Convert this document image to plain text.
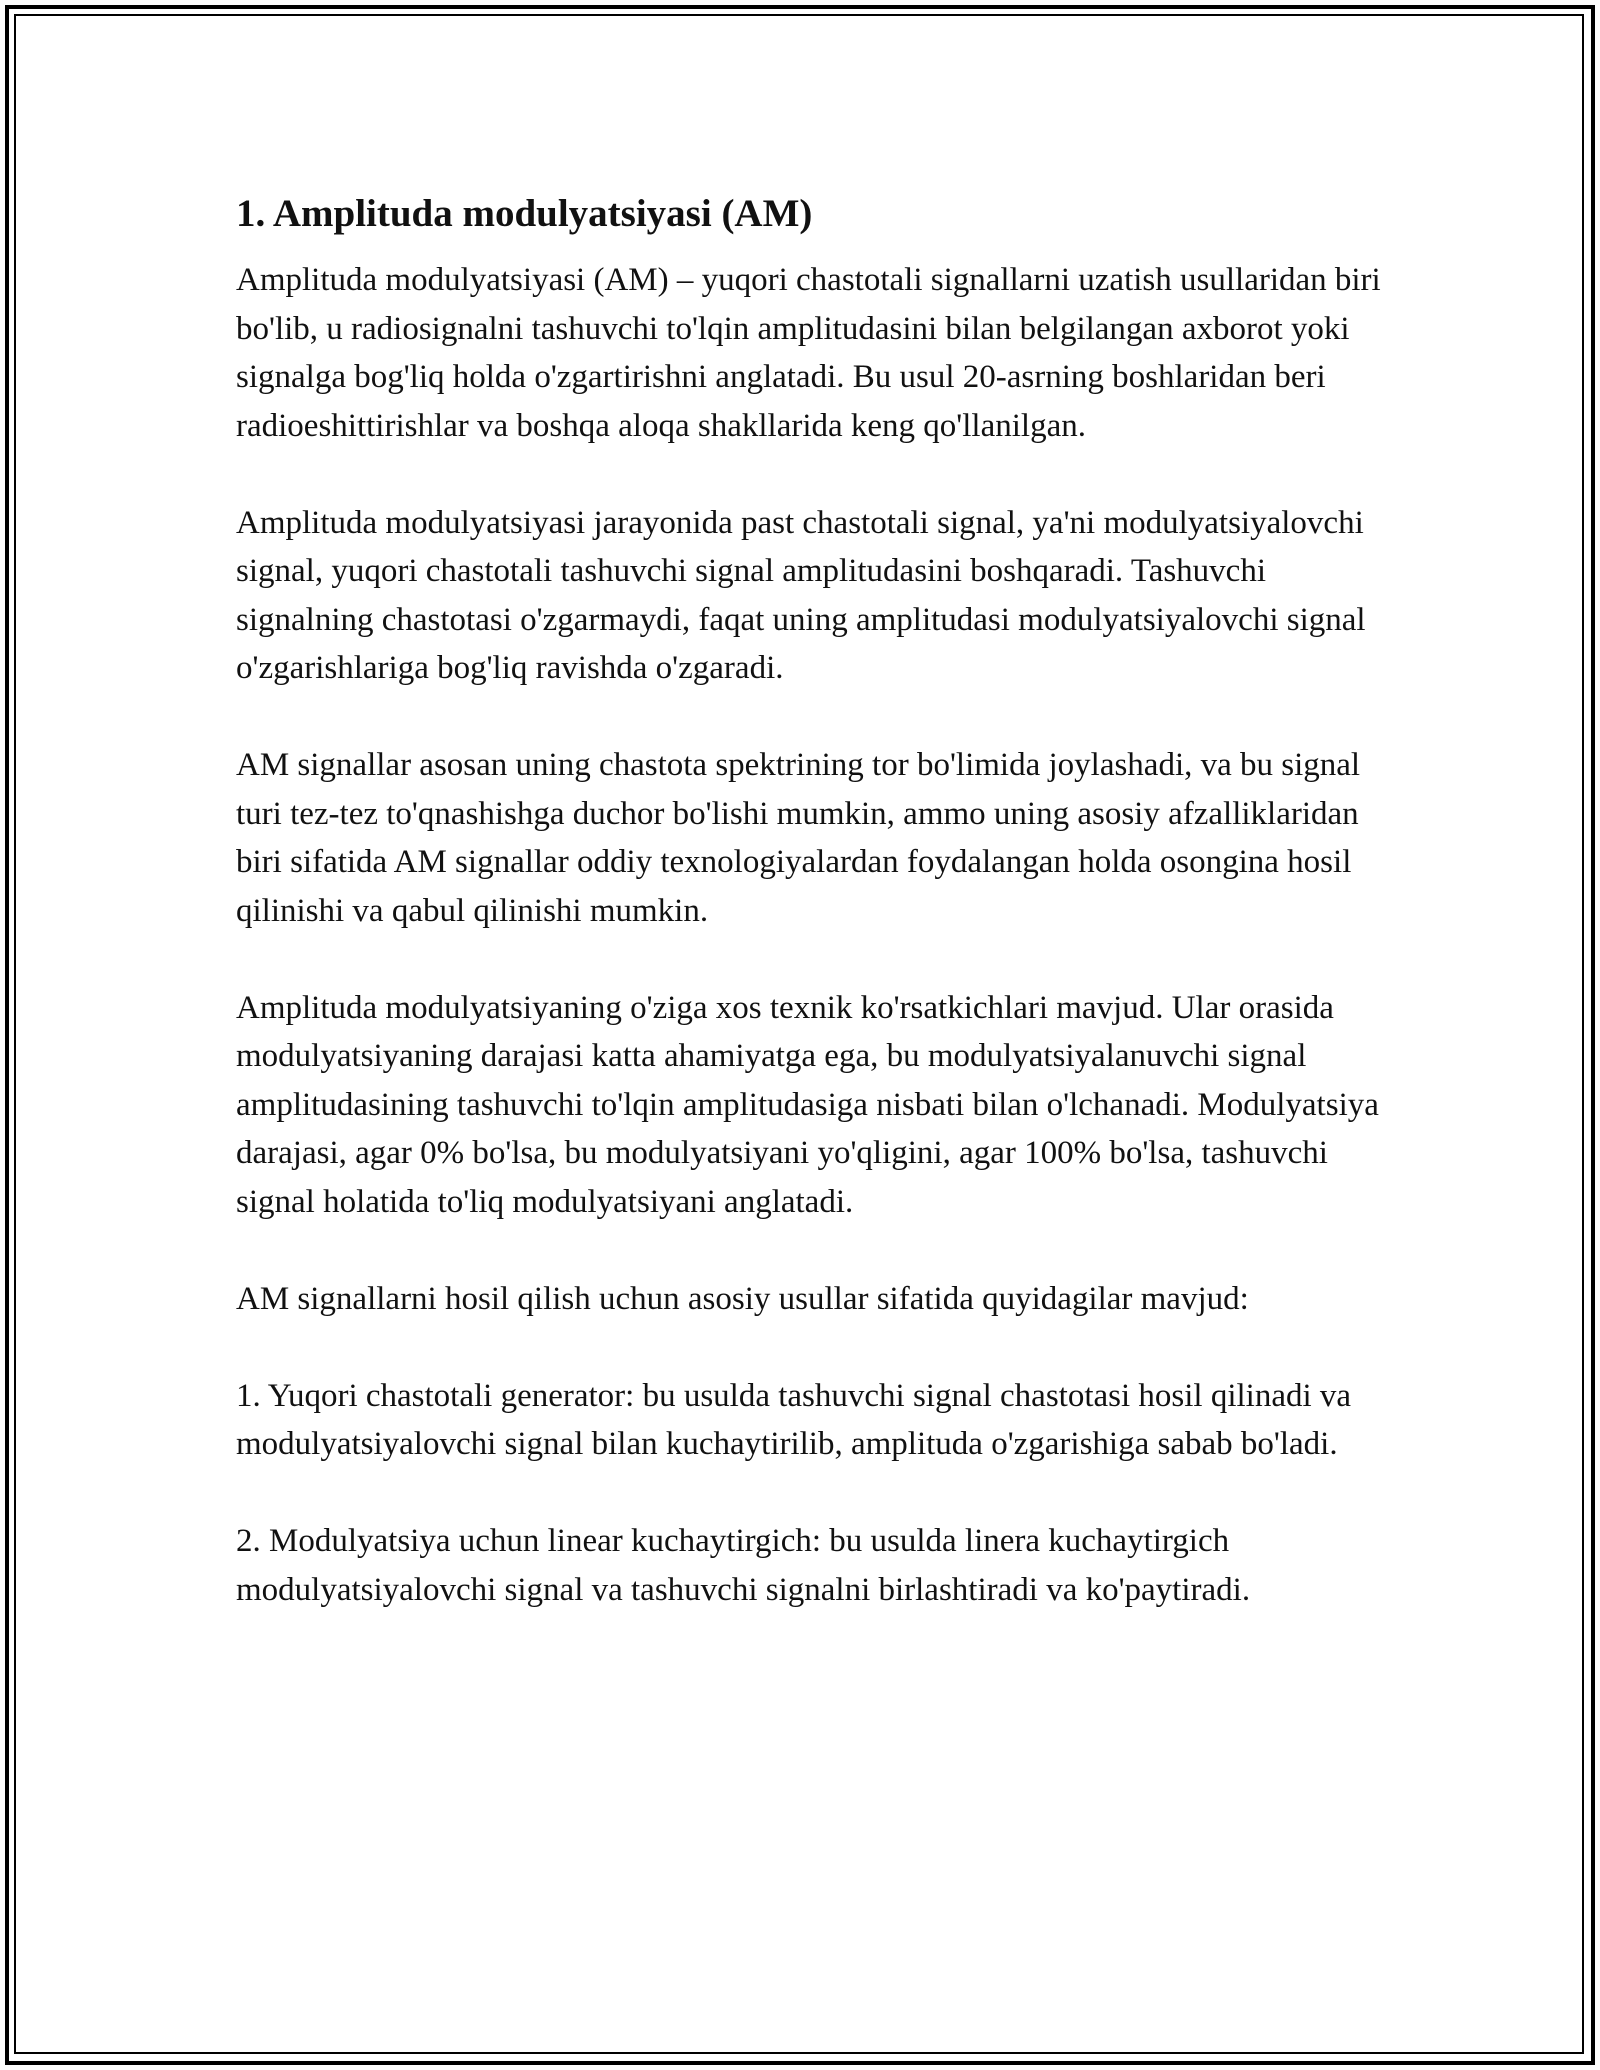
1. Amplituda modulyatsiyasi (AM)

Amplituda modulyatsiyasi (AM) – yuqori chastotali signallarni uzatish usullaridan biri bo'lib, u radiosignalni tashuvchi to'lqin amplitudasini bilan belgilangan axborot yoki signalga bog'liq holda o'zgartirishni anglatadi. Bu usul 20-asrning boshlaridan beri radioeshittirishlar va boshqa aloqa shakllarida keng qo'llanilgan.

Amplituda modulyatsiyasi jarayonida past chastotali signal, ya'ni modulyatsiyalovchi signal, yuqori chastotali tashuvchi signal amplitudasini boshqaradi. Tashuvchi signalning chastotasi o'zgarmaydi, faqat uning amplitudasi modulyatsiyalovchi signal o'zgarishlariga bog'liq ravishda o'zgaradi.

AM signallar asosan uning chastota spektrining tor bo'limida joylashadi, va bu signal turi tez-tez to'qnashishga duchor bo'lishi mumkin, ammo uning asosiy afzalliklaridan biri sifatida AM signallar oddiy texnologiyalardan foydalangan holda osongina hosil qilinishi va qabul qilinishi mumkin.

Amplituda modulyatsiyaning o'ziga xos texnik ko'rsatkichlari mavjud. Ular orasida modulyatsiyaning darajasi katta ahamiyatga ega, bu modulyatsiyalanuvchi signal amplitudasining tashuvchi to'lqin amplitudasiga nisbati bilan o'lchanadi. Modulyatsiya darajasi, agar 0% bo'lsa, bu modulyatsiyani yo'qligini, agar 100% bo'lsa, tashuvchi signal holatida to'liq modulyatsiyani anglatadi.

AM signallarni hosil qilish uchun asosiy usullar sifatida quyidagilar mavjud:

1. Yuqori chastotali generator: bu usulda tashuvchi signal chastotasi hosil qilinadi va modulyatsiyalovchi signal bilan kuchaytirilib, amplituda o'zgarishiga sabab bo'ladi.

2. Modulyatsiya uchun linear kuchaytirgich: bu usulda linera kuchaytirgich modulyatsiyalovchi signal va tashuvchi signalni birlashtiradi va ko'paytiradi.
